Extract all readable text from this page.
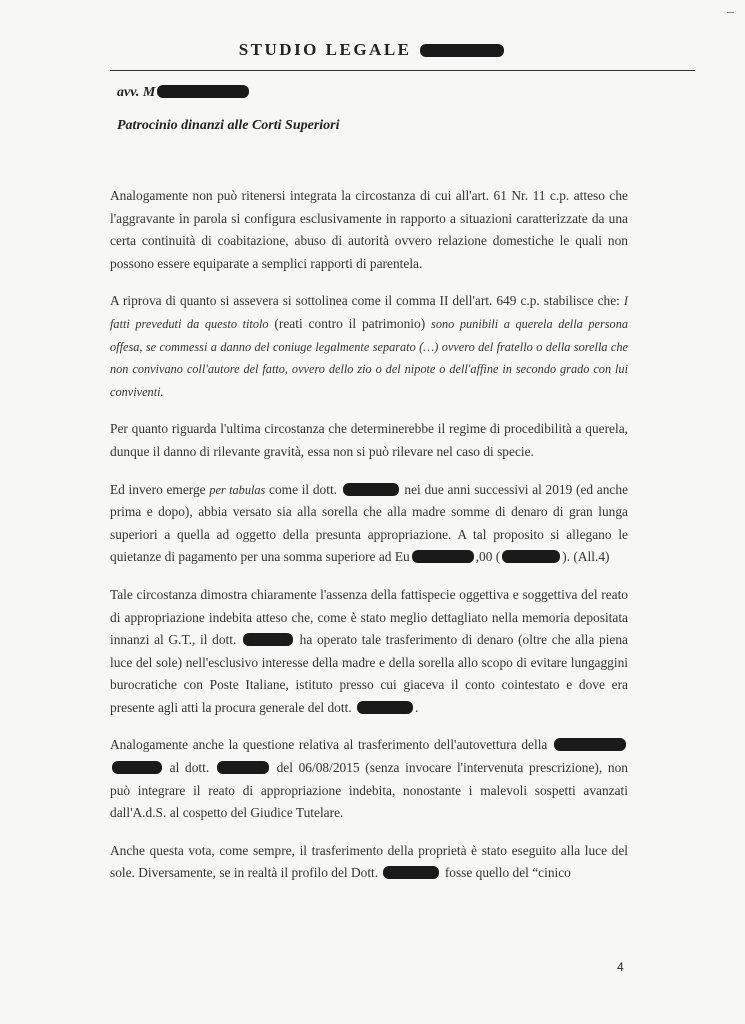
STUDIO LEGALE
avv. M
Patrocinio dinanzi alle Corti Superiori

Analogamente non può ritenersi integrata la circostanza di cui all'art. 61 Nr. 11 c.p. atteso che l'aggravante in parola si configura esclusivamente in rapporto a situazioni caratterizzate da una certa continuità di coabitazione, abuso di autorità ovvero relazione domestiche le quali non possono essere equiparate a semplici rapporti di parentela.

A riprova di quanto si assevera si sottolinea come il comma II dell'art. 649 c.p. stabilisce che: I fatti preveduti da questo titolo (reati contro il patrimonio) sono punibili a querela della persona offesa, se commessi a danno del coniuge legalmente separato (…) ovvero del fratello o della sorella che non convivano coll'autore del fatto, ovvero dello zio o del nipote o dell'affine in secondo grado con lui conviventi.

Per quanto riguarda l'ultima circostanza che determinerebbe il regime di procedibilità a querela, dunque il danno di rilevante gravità, essa non si può rilevare nel caso di specie.

Ed invero emerge per tabulas come il dott.	nei due anni successivi al 2019 (ed anche prima e dopo), abbia versato sia alla sorella che alla madre somme di denaro di gran lunga superiori a quella ad oggetto della presunta appropriazione. A tal proposito si allegano le quietanze di pagamento per una somma superiore ad Eu	,00 (	). (All.4)

Tale circostanza dimostra chiaramente l'assenza della fattispecie oggettiva e soggettiva del reato di appropriazione indebita atteso che, come è stato meglio dettagliato nella memoria depositata innanzi al G.T., il dott.	ha operato tale trasferimento di denaro (oltre che alla piena luce del sole) nell'esclusivo interesse della madre e della sorella allo scopo di evitare lungaggini burocratiche con Poste Italiane, istituto presso cui giaceva il conto cointestato e dove era presente agli atti la procura generale del dott.	.

Analogamente anche la questione relativa al trasferimento dell'autovettura della  al dott.	del 06/08/2015 (senza invocare l'intervenuta prescrizione), non può integrare il reato di appropriazione indebita, nonostante i malevoli sospetti avanzati dall'A.d.S. al cospetto del Giudice Tutelare.

Anche questa vota, come sempre, il trasferimento della proprietà è stato eseguito alla luce del sole. Diversamente, se in realtà il profilo del Dott.	fosse quello del “cinico

4
